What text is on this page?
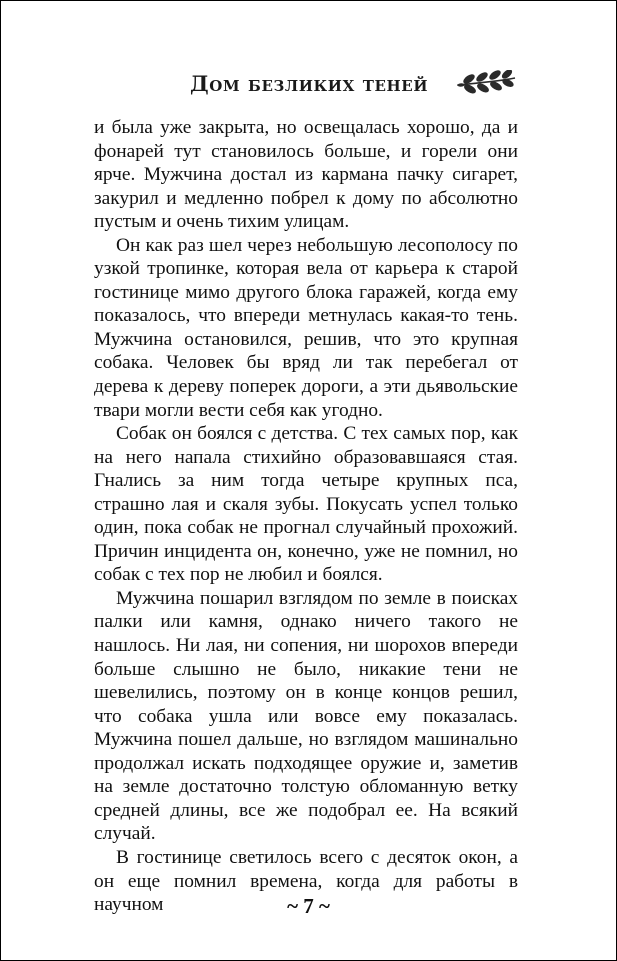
Дом безликих теней

и была уже закрыта, но освещалась хорошо, да и фонарей тут становилось больше, и горели они ярче. Мужчина достал из кармана пачку сигарет, закурил и медленно побрел к дому по абсолютно пустым и очень тихим улицам.

Он как раз шел через небольшую лесополосу по узкой тропинке, которая вела от карьера к старой гостинице мимо другого блока гаражей, когда ему показалось, что впереди метнулась какая-то тень. Мужчина остановился, решив, что это крупная собака. Человек бы вряд ли так перебегал от дерева к дереву поперек дороги, а эти дьявольские твари могли вести себя как угодно.

Собак он боялся с детства. С тех самых пор, как на него напала стихийно образовавшаяся стая. Гнались за ним тогда четыре крупных пса, страшно лая и скаля зубы. Покусать успел только один, пока собак не прогнал случайный прохожий. Причин инцидента он, конечно, уже не помнил, но собак с тех пор не любил и боялся.

Мужчина пошарил взглядом по земле в поисках палки или камня, однако ничего такого не нашлось. Ни лая, ни сопения, ни шорохов впереди больше слышно не было, никакие тени не шевелились, поэтому он в конце концов решил, что собака ушла или вовсе ему показалась. Мужчина пошел дальше, но взглядом машинально продолжал искать подходящее оружие и, заметив на земле достаточно толстую обломанную ветку средней длины, все же подобрал ее. На всякий случай.

В гостинице светилось всего с десяток окон, а он еще помнил времена, когда для работы в научном	~ 7 ~
